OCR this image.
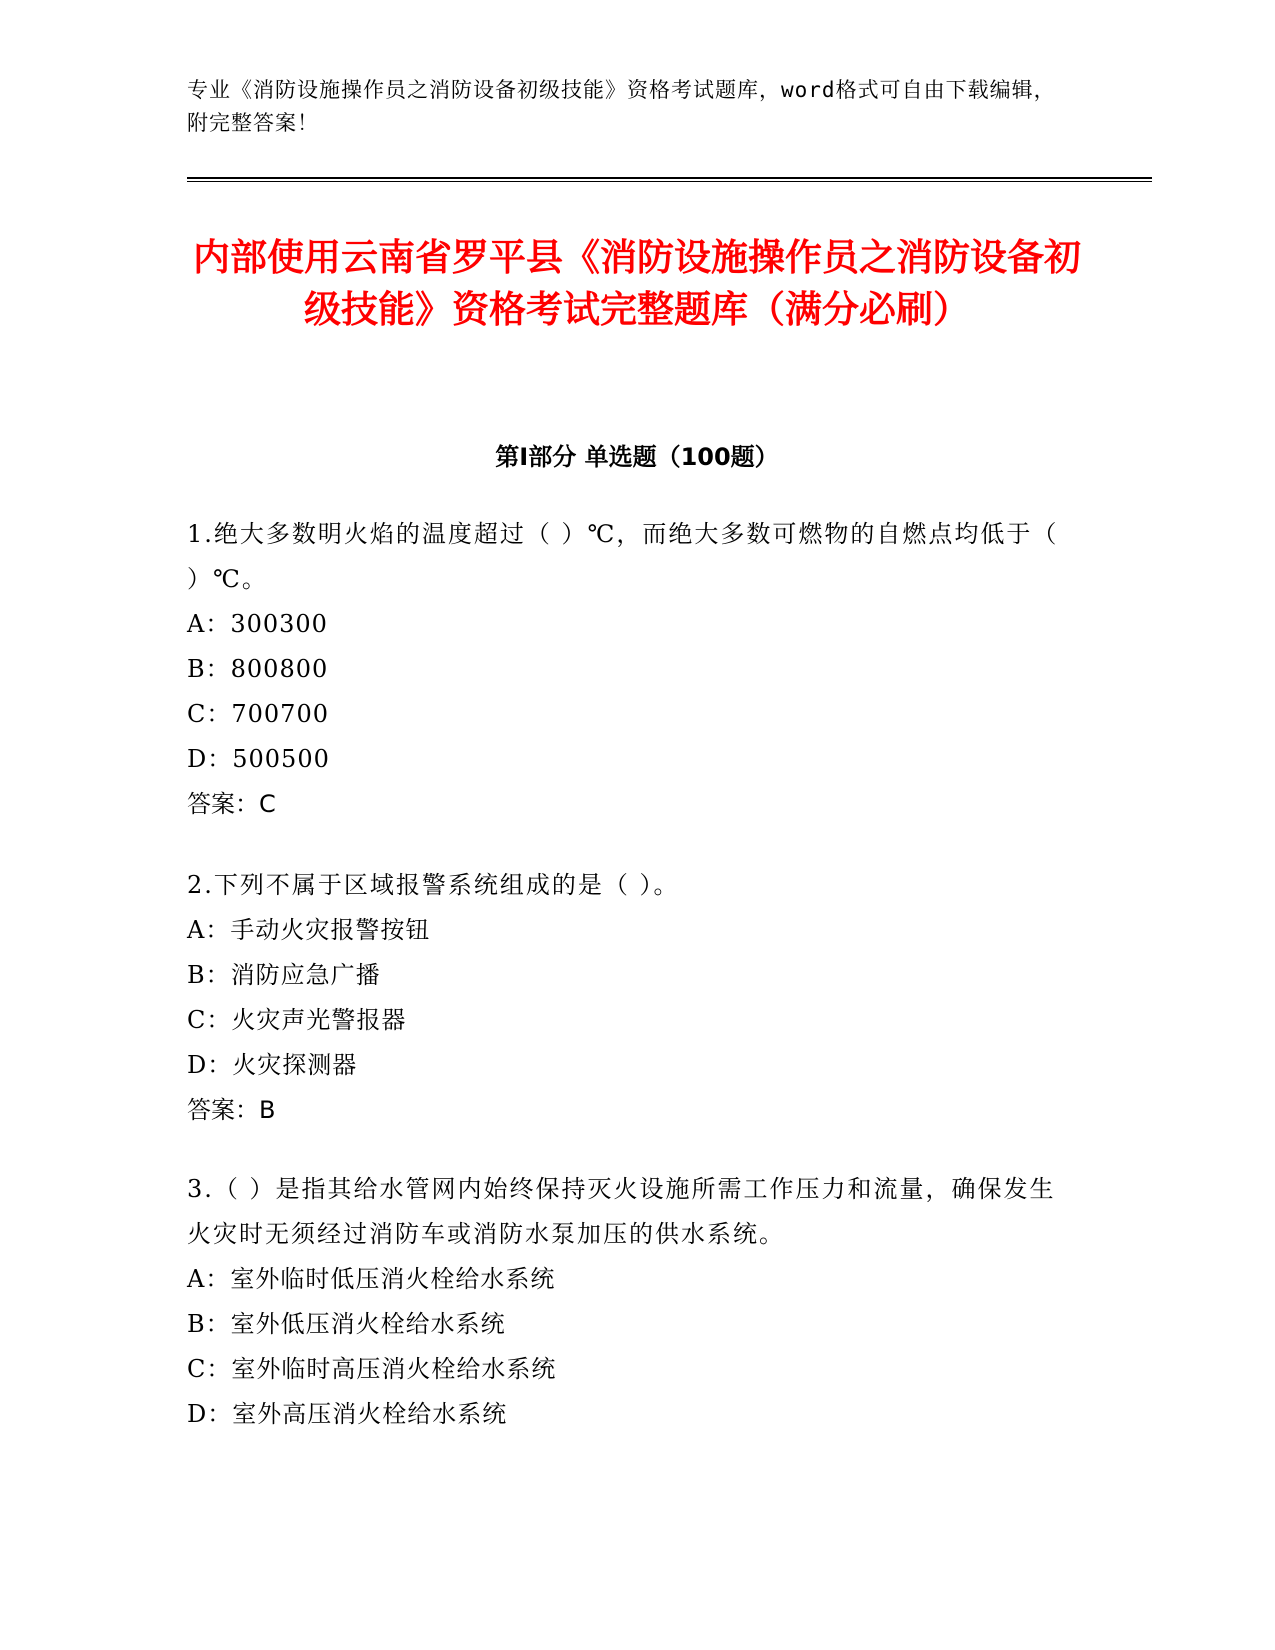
专业《消防设施操作员之消防设备初级技能》资格考试题库，word格式可自由下载编辑，附完整答案！
内部使用云南省罗平县《消防设施操作员之消防设备初级技能》资格考试完整题库（满分必刷）
第Ⅰ部分 单选题（100题）

1.绝大多数明火焰的温度超过（ ）℃，而绝大多数可燃物的自燃点均低于（ ）℃。

A：300300

B：800800

C：700700

D：500500

答案：C

2.下列不属于区域报警系统组成的是（ ）。

A：手动火灾报警按钮

B：消防应急广播

C：火灾声光警报器

D：火灾探测器

答案：B

3.（ ）是指其给水管网内始终保持灭火设施所需工作压力和流量，确保发生火灾时无须经过消防车或消防水泵加压的供水系统。

A：室外临时低压消火栓给水系统

B：室外低压消火栓给水系统

C：室外临时高压消火栓给水系统

D：室外高压消火栓给水系统
